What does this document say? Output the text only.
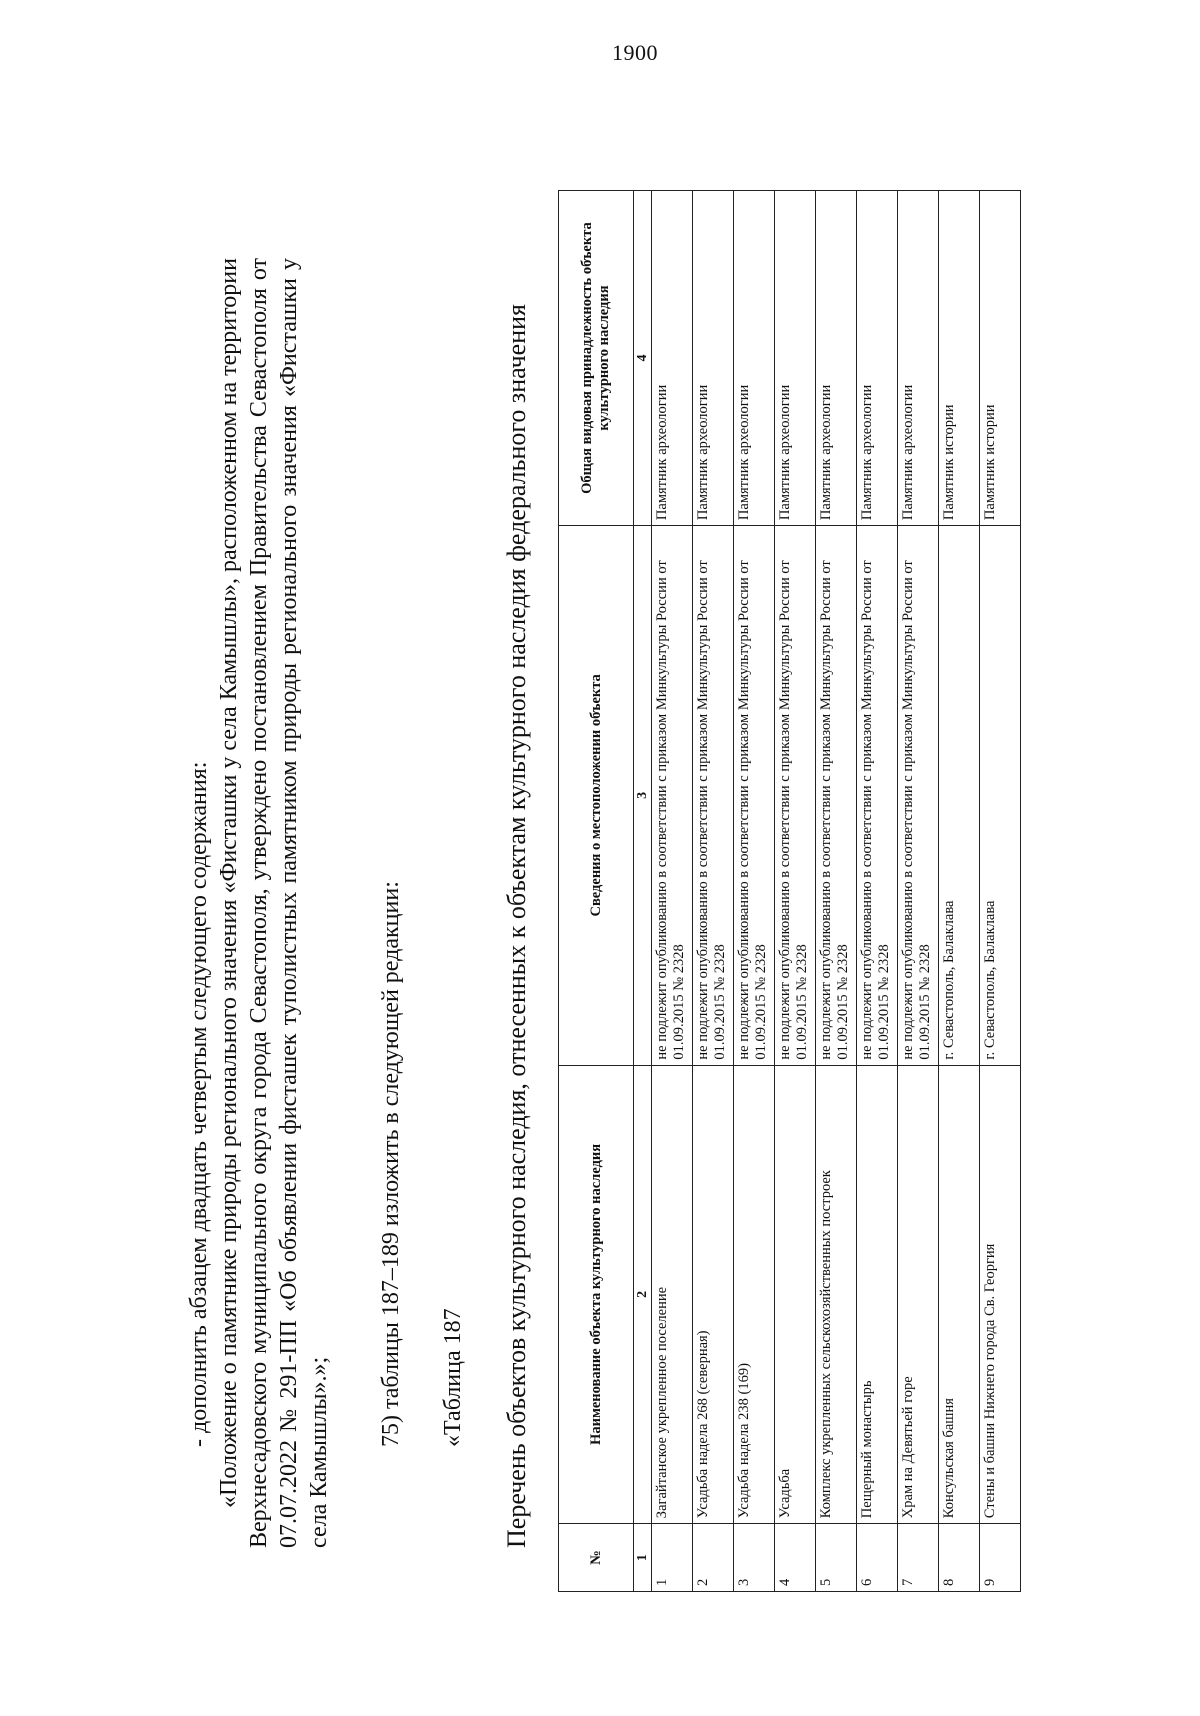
1900
- дополнить абзацем двадцать четвертым следующего содержания: «Положение о памятнике природы регионального значения «Фисташки у села Камышлы», расположенном на территории Верхнесадовского муниципального округа города Севастополя, утверждено постановлением Правительства Севастополя от 07.07.2022 № 291-ПП «Об объявлении фисташек туполистных памятником природы регионального значения «Фисташки у села Камышлы».»;
75) таблицы 187–189 изложить в следующей редакции: «Таблица 187 Перечень объектов культурного наследия, отнесенных к объектам культурного наследия федерального значения
№	Наименование объекта культурного наследия	Сведения о местоположении объекта	Общая видовая принадлежность объекта культурного наследия
1	2	3	4
1	Загайтанское укрепленное поселение	не подлежит опубликованию в соответствии с приказом Минкультуры России от 01.09.2015 № 2328	Памятник археологии
2	Усадьба надела 268 (северная)	не подлежит опубликованию в соответствии с приказом Минкультуры России от 01.09.2015 № 2328	Памятник археологии
3	Усадьба надела 238 (169)	не подлежит опубликованию в соответствии с приказом Минкультуры России от 01.09.2015 № 2328	Памятник археологии
4	Усадьба	не подлежит опубликованию в соответствии с приказом Минкультуры России от 01.09.2015 № 2328	Памятник археологии
5	Комплекс укрепленных сельскохозяйственных построек	не подлежит опубликованию в соответствии с приказом Минкультуры России от 01.09.2015 № 2328	Памятник археологии
6	Пещерный монастырь	не подлежит опубликованию в соответствии с приказом Минкультуры России от 01.09.2015 № 2328	Памятник археологии
7	Храм на Девятьей горе	не подлежит опубликованию в соответствии с приказом Минкультуры России от 01.09.2015 № 2328	Памятник археологии
8	Консульская башня	г. Севастополь, Балаклава	Памятник истории
9	Стены и башни Нижнего города Св. Георгия	г. Севастополь, Балаклава	Памятник истории
